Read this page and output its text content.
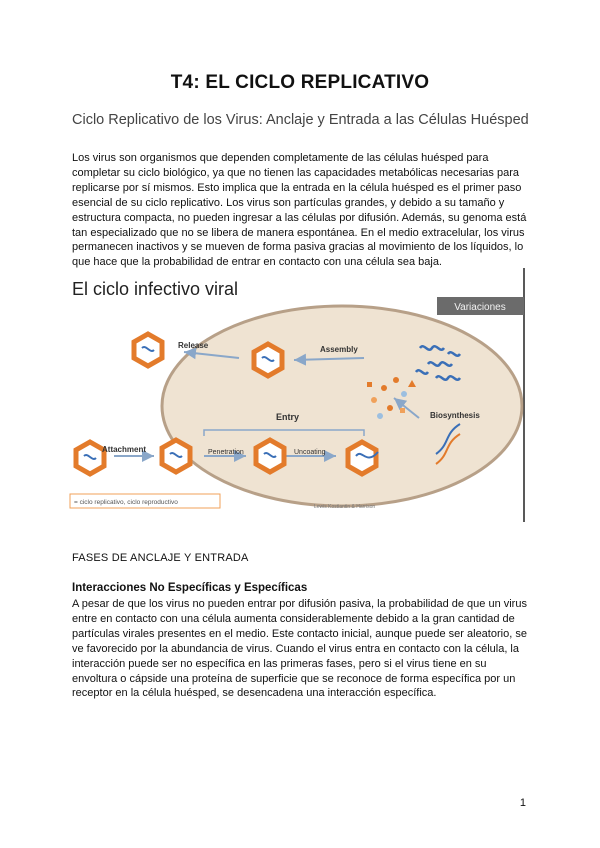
T4: EL CICLO REPLICATIVO
Ciclo Replicativo de los Virus: Anclaje y Entrada a las Células Huésped

Los virus son organismos que dependen completamente de las células huésped para completar su ciclo biológico, ya que no tienen las capacidades metabólicas necesarias para replicarse por sí mismos. Esto implica que la entrada en la célula huésped es el primer paso esencial de su ciclo replicativo. Los virus son partículas grandes, y debido a su tamaño y estructura compacta, no pueden ingresar a las células por difusión. Además, su genoma está tan especializado que no se libera de manera espontánea. En el medio extracelular, los virus permanecen inactivos y se mueven de forma pasiva gracias al movimiento de los líquidos, lo que hace que la probabilidad de entrar en contacto con una célula sea baja.

El ciclo infectivo viral
Variaciones
Release	Assembly
Entry	Biosynthesis
Attachment	Penetration	Uncoating
= ciclo replicativo, ciclo reproductivo
Lewis Kostiantin & Harrison
FASES DE ANCLAJE Y ENTRADA
Interacciones No Específicas y Específicas

A pesar de que los virus no pueden entrar por difusión pasiva, la probabilidad de que un virus entre en contacto con una célula aumenta considerablemente debido a la gran cantidad de partículas virales presentes en el medio. Este contacto inicial, aunque puede ser aleatorio, se ve favorecido por la abundancia de virus. Cuando el virus entra en contacto con la célula, la interacción puede ser no específica en las primeras fases, pero si el virus tiene en su envoltura o cápside una proteína de superficie que se reconoce de forma específica por un receptor en la célula huésped, se desencadena una interacción específica.

1
